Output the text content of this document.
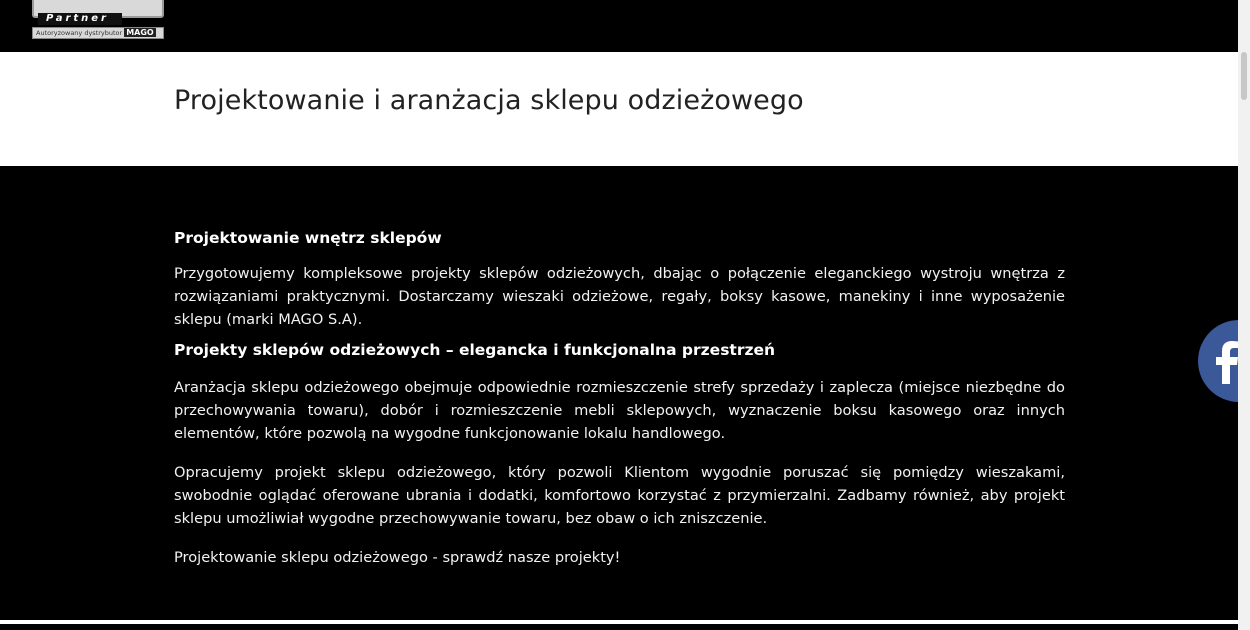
Partner
Autoryzowany dystrybutor MAGO
Projektowanie i aranżacja sklepu odzieżowego
Projektowanie wnętrz sklepów

Przygotowujemy kompleksowe projekty sklepów odzieżowych, dbając o połączenie eleganckiego wystroju wnętrza z rozwiązaniami praktycznymi. Dostarczamy wieszaki odzieżowe, regały, boksy kasowe, manekiny i inne wyposażenie sklepu (marki MAGO S.A).

Projekty sklepów odzieżowych – elegancka i funkcjonalna przestrzeń

Aranżacja sklepu odzieżowego obejmuje odpowiednie rozmieszczenie strefy sprzedaży i zaplecza (miejsce niezbędne do przechowywania towaru), dobór i rozmieszczenie mebli sklepowych, wyznaczenie boksu kasowego oraz innych elementów, które pozwolą na wygodne funkcjonowanie lokalu handlowego.

Opracujemy projekt sklepu odzieżowego, który pozwoli Klientom wygodnie poruszać się pomiędzy wieszakami, swobodnie oglądać oferowane ubrania i dodatki, komfortowo korzystać z przymierzalni. Zadbamy również, aby projekt sklepu umożliwiał wygodne przechowywanie towaru, bez obaw o ich zniszczenie.

Projektowanie sklepu odzieżowego - sprawdź nasze projekty!
